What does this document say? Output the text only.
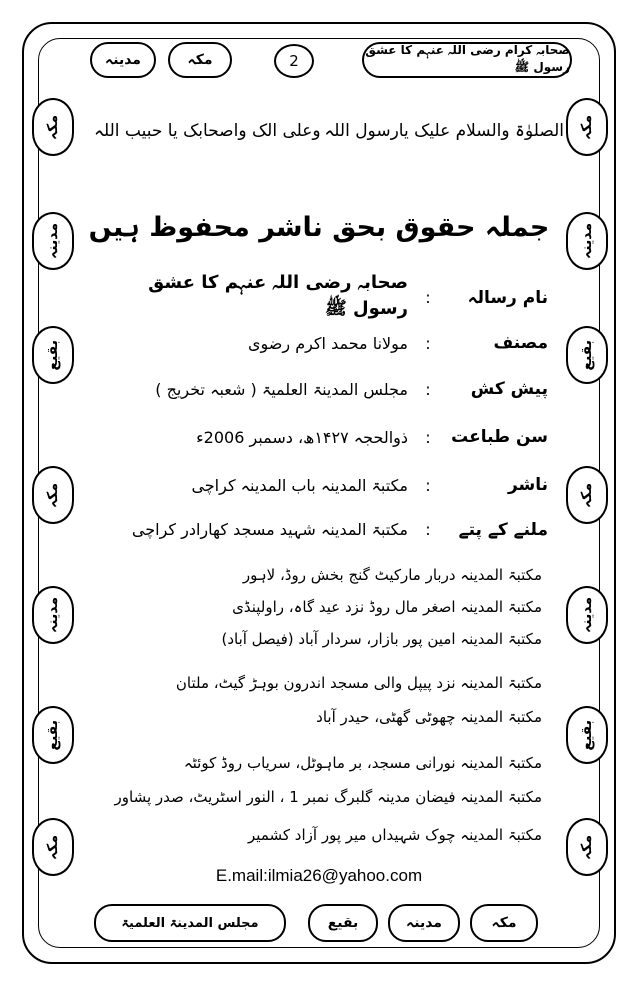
مدینہ	مکہ	2
صحابہ کرام رضی اللہ عنہم کا عشق رسول ﷺ
مکہ
مدینہ
بقیع
مکہ
مدینہ
بقیع
مکہ
مکہ
مدینہ
بقیع
مکہ
مدینہ
بقیع
مکہ
الصلوٰۃ والسلام علیک یارسول اللہ
وعلی الک واصحابک یا حبیب اللہ
جملہ حقوق بحق ناشر محفوظ ہیں
نام رسالہ
:
صحابہ رضی اللہ عنہم کا عشق رسول ﷺ
مصنف
:
مولانا محمد اکرم رضوی
پیش کش
:
مجلس المدینۃ العلمیۃ ( شعبہ تخریج )
سن طباعت
:
ذوالحجہ ۱۴۲۷ھ، دسمبر 2006ء
ناشر
:
مکتبۃ المدینہ باب المدینہ کراچی
ملنے کے پتے
:
مکتبۃ المدینہ شہید مسجد کھارادر کراچی
مکتبۃ المدینہ دربار مارکیٹ گنج بخش روڈ، لاہور
مکتبۃ المدینہ اصغر مال روڈ نزد عید گاہ، راولپنڈی
مکتبۃ المدینہ امین پور بازار، سردار آباد (فیصل آباد)
مکتبۃ المدینہ نزد پیپل والی مسجد اندرون بوہڑ گیٹ، ملتان
مکتبۃ المدینہ چھوٹی گھٹی، حیدر آباد
مکتبۃ المدینہ نورانی مسجد، بر ماہوٹل، سریاب روڈ کوئٹہ
مکتبۃ المدینہ فیضان مدینہ گلبرگ نمبر 1 ، النور اسٹریٹ، صدر پشاور
مکتبۃ المدینہ چوک شہیداں میر پور آزاد کشمیر
E.mail:ilmia26@yahoo.com
مجلس المدینۃ العلمیۃ	بقیع	مدینہ	مکہ
